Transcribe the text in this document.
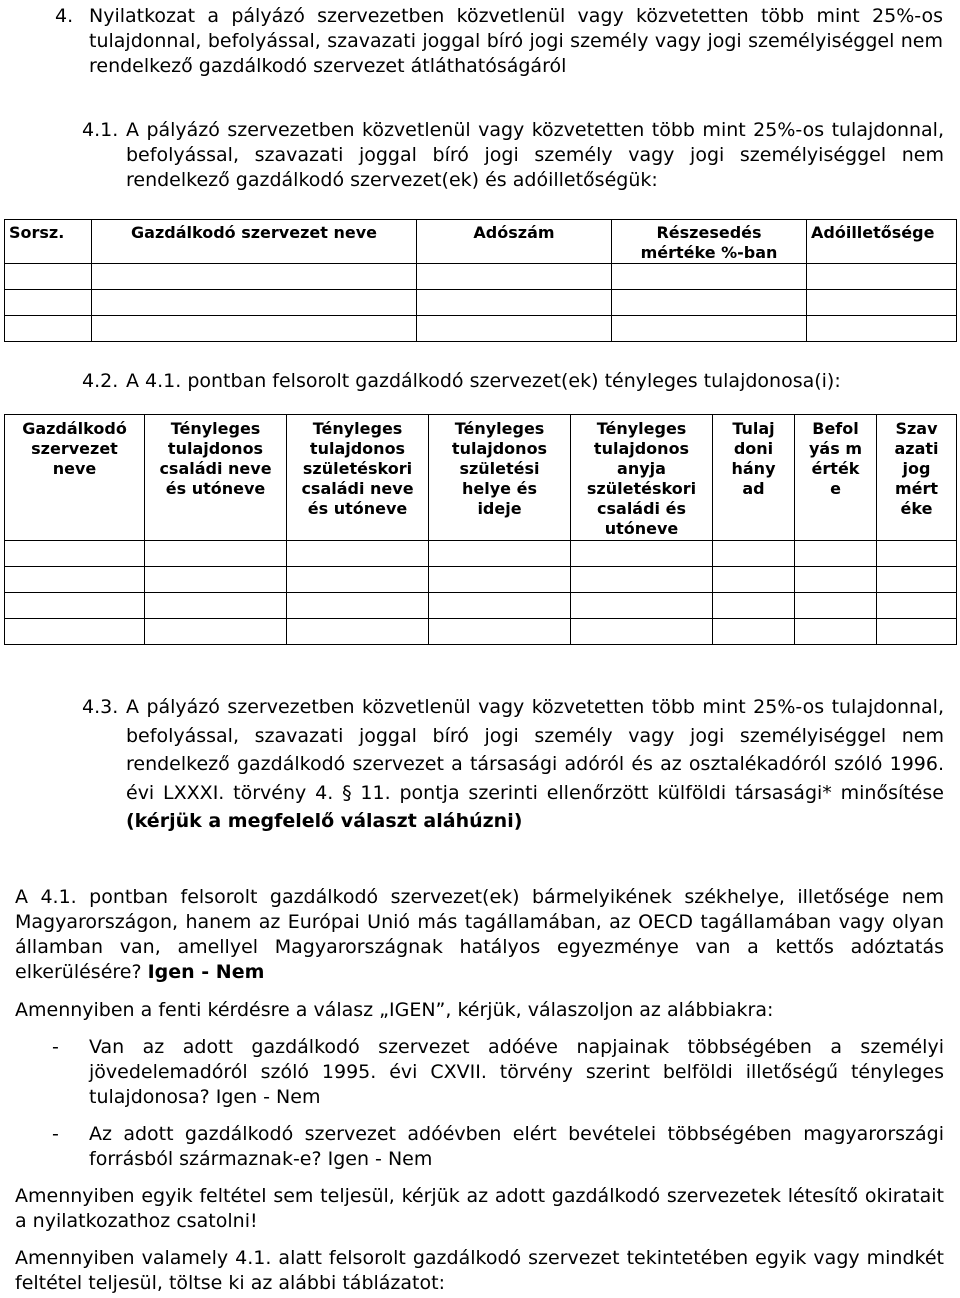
4. Nyilatkozat a pályázó szervezetben közvetlenül vagy közvetetten több mint 25%-os tulajdonnal, befolyással, szavazati joggal bíró jogi személy vagy jogi személyiséggel nem rendelkező gazdálkodó szervezet átláthatóságáról
4.1. A pályázó szervezetben közvetlenül vagy közvetetten több mint 25%-os tulajdonnal, befolyással, szavazati joggal bíró jogi személy vagy jogi személyiséggel nem rendelkező gazdálkodó szervezet(ek) és adóilletőségük:
Sorsz.	Gazdálkodó szervezet neve	Adószám	Részesedés mértéke %-ban	Adóilletősége

4.2. A 4.1. pontban felsorolt gazdálkodó szervezet(ek) tényleges tulajdonosa(i):
Gazdálkodó szervezet neve	Tényleges tulajdonos családi neve és utóneve	Tényleges tulajdonos születéskori családi neve és utóneve	Tényleges tulajdonos születési helye és ideje	Tényleges tulajdonos anyja születéskori családi és utóneve	Tulajdoni hányad	Befolyás mértéke	Szavazati jog mértéke

4.3. A pályázó szervezetben közvetlenül vagy közvetetten több mint 25%-os tulajdonnal, befolyással, szavazati joggal bíró jogi személy vagy jogi személyiséggel nem rendelkező gazdálkodó szervezet a társasági adóról és az osztalékadóról szóló 1996. évi LXXXI. törvény 4. § 11. pontja szerinti ellenőrzött külföldi társasági* minősítése (kérjük a megfelelő választ aláhúzni)
A 4.1. pontban felsorolt gazdálkodó szervezet(ek) bármelyikének székhelye, illetősége nem Magyarországon, hanem az Európai Unió más tagállamában, az OECD tagállamában vagy olyan államban van, amellyel Magyarországnak hatályos egyezménye van a kettős adóztatás elkerülésére? Igen - Nem
Amennyiben a fenti kérdésre a válasz „IGEN”, kérjük, válaszoljon az alábbiakra:
- Van az adott gazdálkodó szervezet adóéve napjainak többségében a személyi jövedelemadóról szóló 1995. évi CXVII. törvény szerint belföldi illetőségű tényleges tulajdonosa? Igen - Nem
- Az adott gazdálkodó szervezet adóévben elért bevételei többségében magyarországi forrásból származnak-e? Igen - Nem
Amennyiben egyik feltétel sem teljesül, kérjük az adott gazdálkodó szervezetek létesítő okiratait a nyilatkozathoz csatolni!
Amennyiben valamely 4.1. alatt felsorolt gazdálkodó szervezet tekintetében egyik vagy mindkét feltétel teljesül, töltse ki az alábbi táblázatot:
